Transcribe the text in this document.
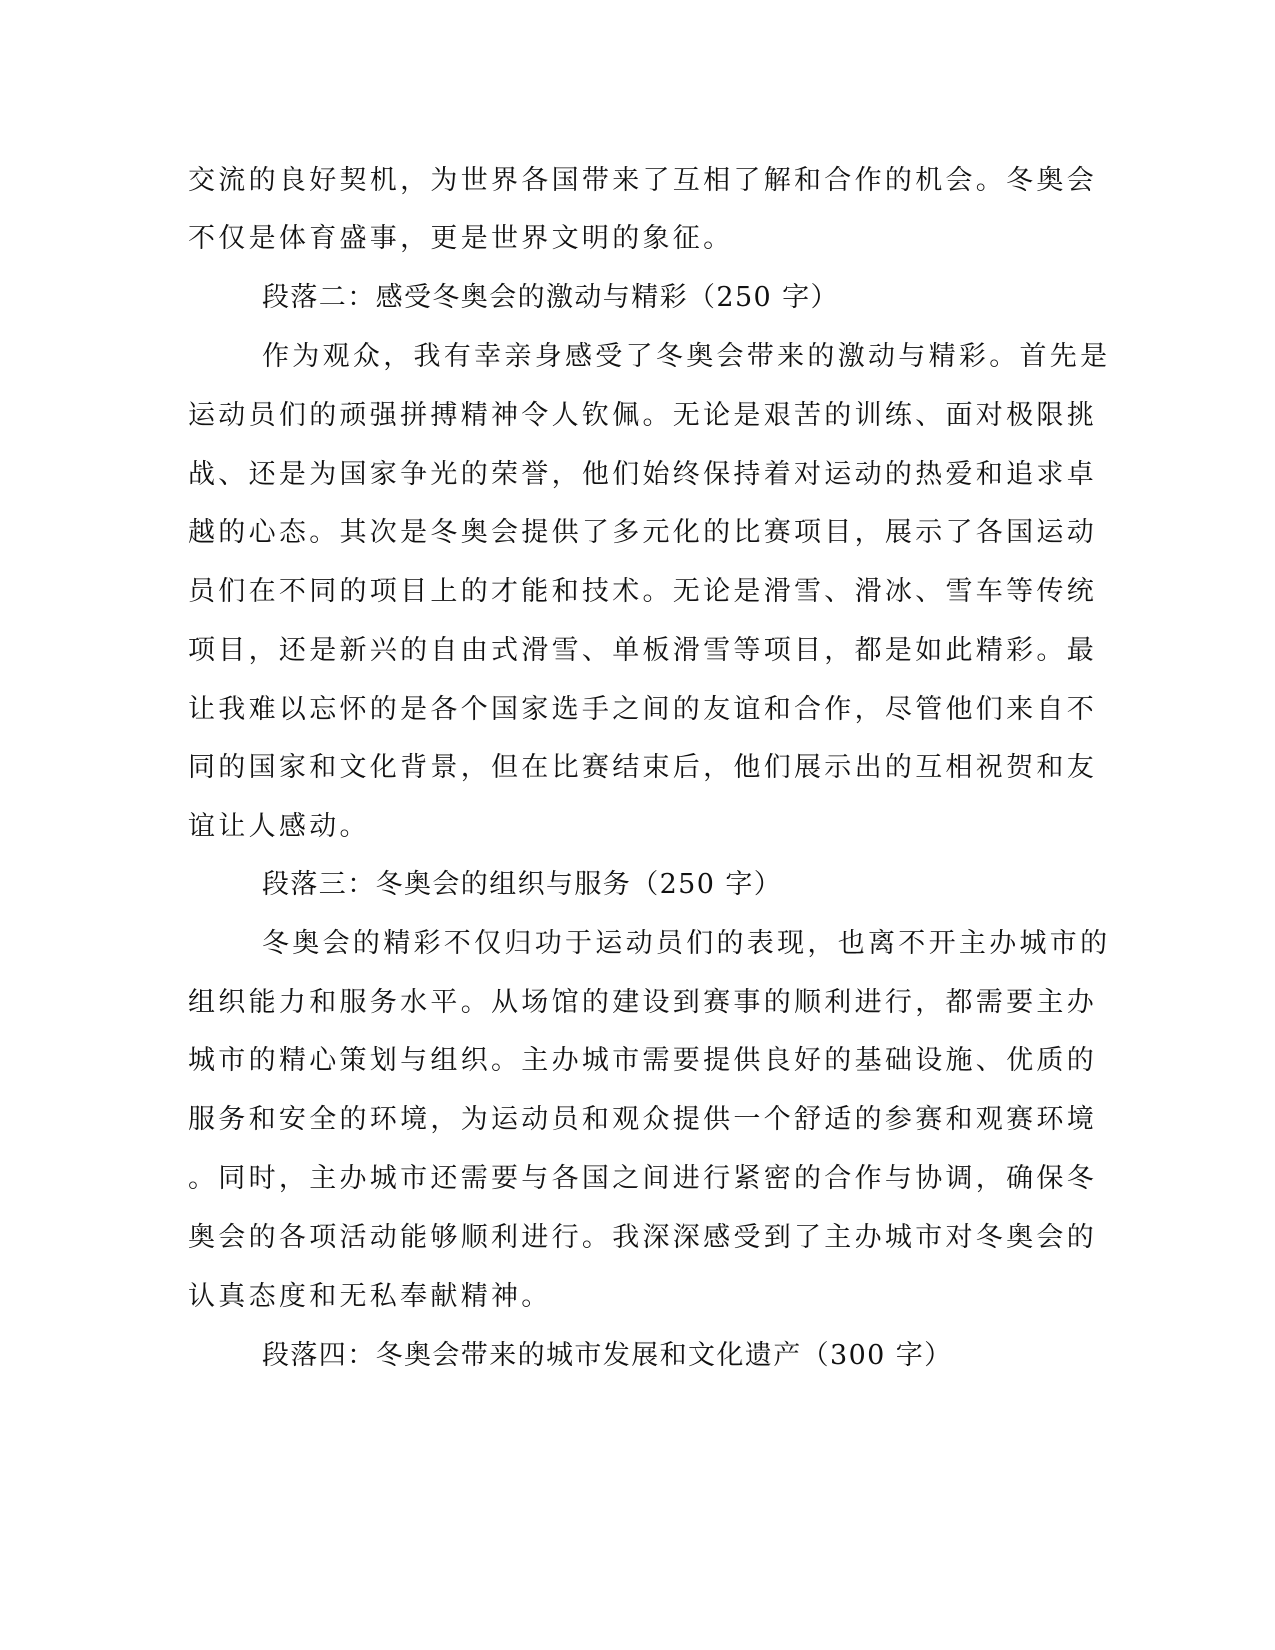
交流的良好契机，为世界各国带来了互相了解和合作的机会。冬奥会
不仅是体育盛事，更是世界文明的象征。
段落二：感受冬奥会的激动与精彩（250 字）
作为观众，我有幸亲身感受了冬奥会带来的激动与精彩。首先是
运动员们的顽强拼搏精神令人钦佩。无论是艰苦的训练、面对极限挑
战、还是为国家争光的荣誉，他们始终保持着对运动的热爱和追求卓
越的心态。其次是冬奥会提供了多元化的比赛项目，展示了各国运动
员们在不同的项目上的才能和技术。无论是滑雪、滑冰、雪车等传统
项目，还是新兴的自由式滑雪、单板滑雪等项目，都是如此精彩。最
让我难以忘怀的是各个国家选手之间的友谊和合作，尽管他们来自不
同的国家和文化背景，但在比赛结束后，他们展示出的互相祝贺和友
谊让人感动。
段落三：冬奥会的组织与服务（250 字）
冬奥会的精彩不仅归功于运动员们的表现，也离不开主办城市的
组织能力和服务水平。从场馆的建设到赛事的顺利进行，都需要主办
城市的精心策划与组织。主办城市需要提供良好的基础设施、优质的
服务和安全的环境，为运动员和观众提供一个舒适的参赛和观赛环境
。同时，主办城市还需要与各国之间进行紧密的合作与协调，确保冬
奥会的各项活动能够顺利进行。我深深感受到了主办城市对冬奥会的
认真态度和无私奉献精神。
段落四：冬奥会带来的城市发展和文化遗产（300 字）
